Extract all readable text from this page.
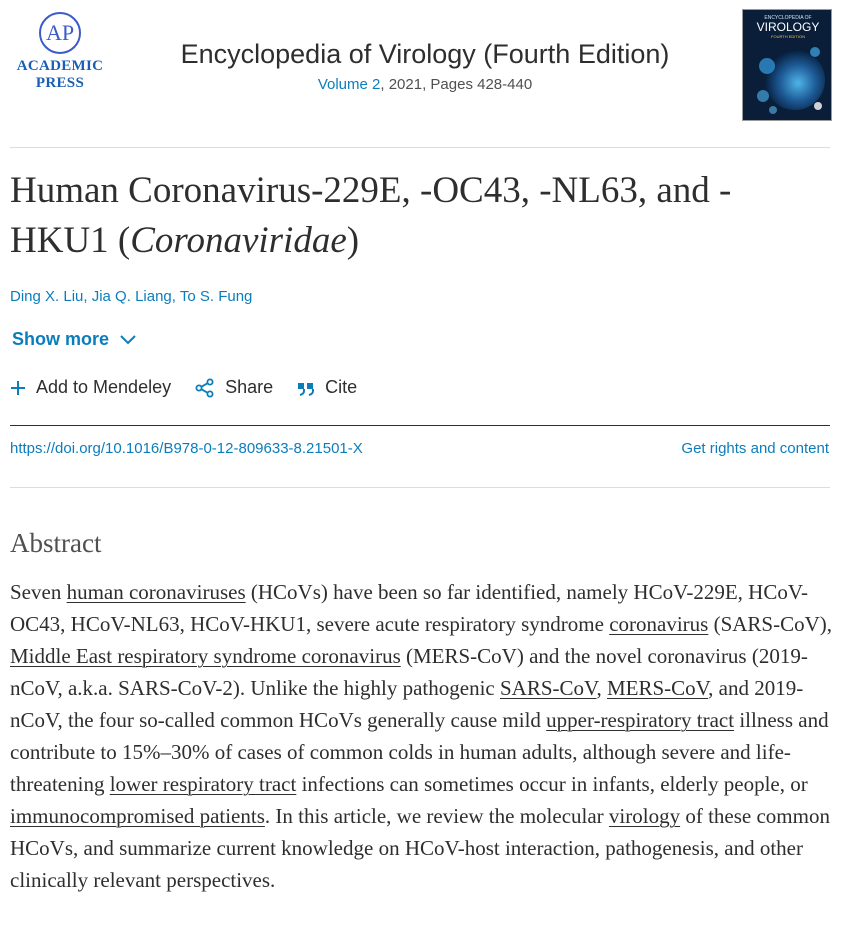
AP
ACADEMIC
PRESS
Encyclopedia of Virology (Fourth Edition)
Volume 2, 2021, Pages 428-440
ENCYCLOPEDIA OF
VIROLOGY
FOURTH EDITION
Human Coronavirus-229E, -OC43, -NL63, and -HKU1 (Coronaviridae)
Ding X. Liu, Jia Q. Liang, To S. Fung
Show more
Add to Mendeley	Share	Cite
https://doi.org/10.1016/B978-0-12-809633-8.21501-X	Get rights and content
Abstract

Seven human coronaviruses (HCoVs) have been so far identified, namely HCoV-229E, HCoV-OC43, HCoV-NL63, HCoV-HKU1, severe acute respiratory syndrome coronavirus (SARS-CoV), Middle East respiratory syndrome coronavirus (MERS-CoV) and the novel coronavirus (2019-nCoV, a.k.a. SARS-CoV-2). Unlike the highly pathogenic SARS-CoV, MERS-CoV, and 2019-nCoV, the four so-called common HCoVs generally cause mild upper-respiratory tract illness and contribute to 15%–30% of cases of common colds in human adults, although severe and life-threatening lower respiratory tract infections can sometimes occur in infants, elderly people, or immunocompromised patients. In this article, we review the molecular virology of these common HCoVs, and summarize current knowledge on HCoV-host interaction, pathogenesis, and other clinically relevant perspectives.
